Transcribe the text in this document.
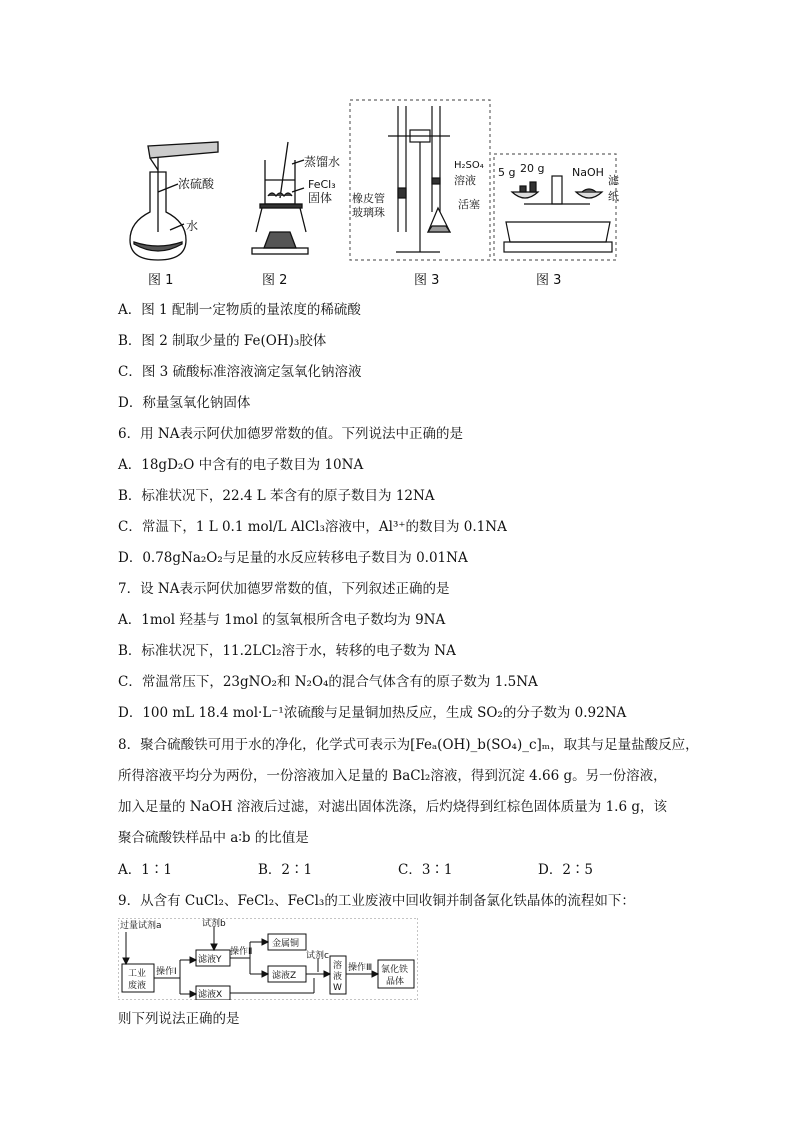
浓硫酸
水
图 1
蒸馏水
FeCl₃
固体
图 2
橡皮管
玻璃珠
H₂SO₄
溶液
活塞
图 3
5 g 20 g	NaOH
滤
纸
图 3
A．图 1 配制一定物质的量浓度的稀硫酸
B．图 2 制取少量的 Fe(OH)₃胶体
C．图 3 硫酸标准溶液滴定氢氧化钠溶液
D．称量氢氧化钠固体
6．用 NA表示阿伏加德罗常数的值。下列说法中正确的是
A．18gD₂O 中含有的电子数目为 10NA
B．标准状况下，22.4 L 苯含有的原子数目为 12NA
C．常温下，1 L 0.1 mol/L AlCl₃溶液中，Al³⁺的数目为 0.1NA
D．0.78gNa₂O₂与足量的水反应转移电子数目为 0.01NA
7．设 NA表示阿伏加德罗常数的值，下列叙述正确的是
A．1mol 羟基与 1mol 的氢氧根所含电子数均为 9NA
B．标准状况下，11.2LCl₂溶于水，转移的电子数为 NA
C．常温常压下，23gNO₂和 N₂O₄的混合气体含有的原子数为 1.5NA
D．100 mL 18.4 mol·L⁻¹浓硫酸与足量铜加热反应，生成 SO₂的分子数为 0.92NA
8．聚合硫酸铁可用于水的净化，化学式可表示为[Feₐ(OH)_b(SO₄)_c]ₘ，取其与足量盐酸反应，
所得溶液平均分为两份，一份溶液加入足量的 BaCl₂溶液，得到沉淀 4.66 g。另一份溶液，
加入足量的 NaOH 溶液后过滤，对滤出固体洗涤，后灼烧得到红棕色固体质量为 1.6 g，该
聚合硫酸铁样品中 a∶b 的比值是
A．1∶1	B．2∶1	C．3∶1	D．2∶5
9．从含有 CuCl₂、FeCl₂、FeCl₃的工业废液中回收铜并制备氯化铁晶体的流程如下：
过量试剂a	试剂b
试剂c
操作Ⅰ
操作Ⅱ
操作Ⅲ
工业
废液
滤液Y
滤液X
金属铜
滤液Z
溶
液
W
氯化铁
晶体
则下列说法正确的是
